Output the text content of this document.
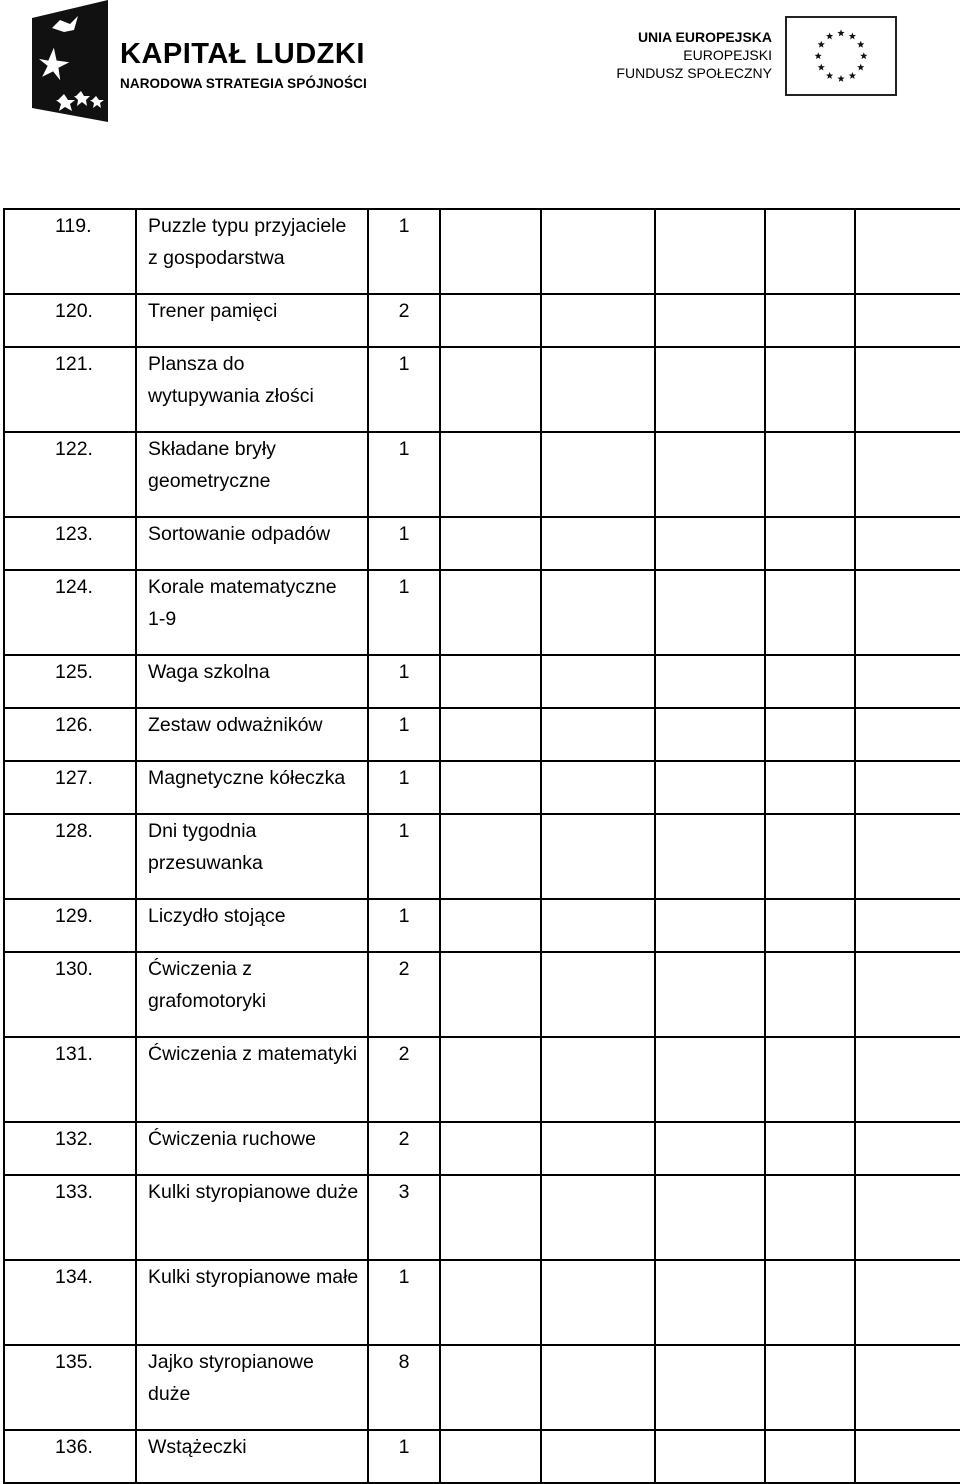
KAPITAŁ LUDZKI
NARODOWA STRATEGIA SPÓJNOŚCI
UNIA EUROPEJSKA
EUROPEJSKI
FUNDUSZ SPOŁECZNY
119.	Puzzle typu przyjaciele z gospodarstwa	1					
120.	Trener pamięci	2					
121.	Plansza do wytupywania złości	1					
122.	Składane bryły geometryczne	1					
123.	Sortowanie odpadów	1					
124.	Korale matematyczne 1-9	1					
125.	Waga szkolna	1					
126.	Zestaw odważników	1					
127.	Magnetyczne kółeczka	1					
128.	Dni tygodnia przesuwanka	1					
129.	Liczydło stojące	1					
130.	Ćwiczenia z grafomotoryki	2					
131.	Ćwiczenia z matematyki	2					
132.	Ćwiczenia ruchowe	2					
133.	Kulki styropianowe duże	3					
134.	Kulki styropianowe małe	1					
135.	Jajko styropianowe duże	8					
136.	Wstążeczki	1					
